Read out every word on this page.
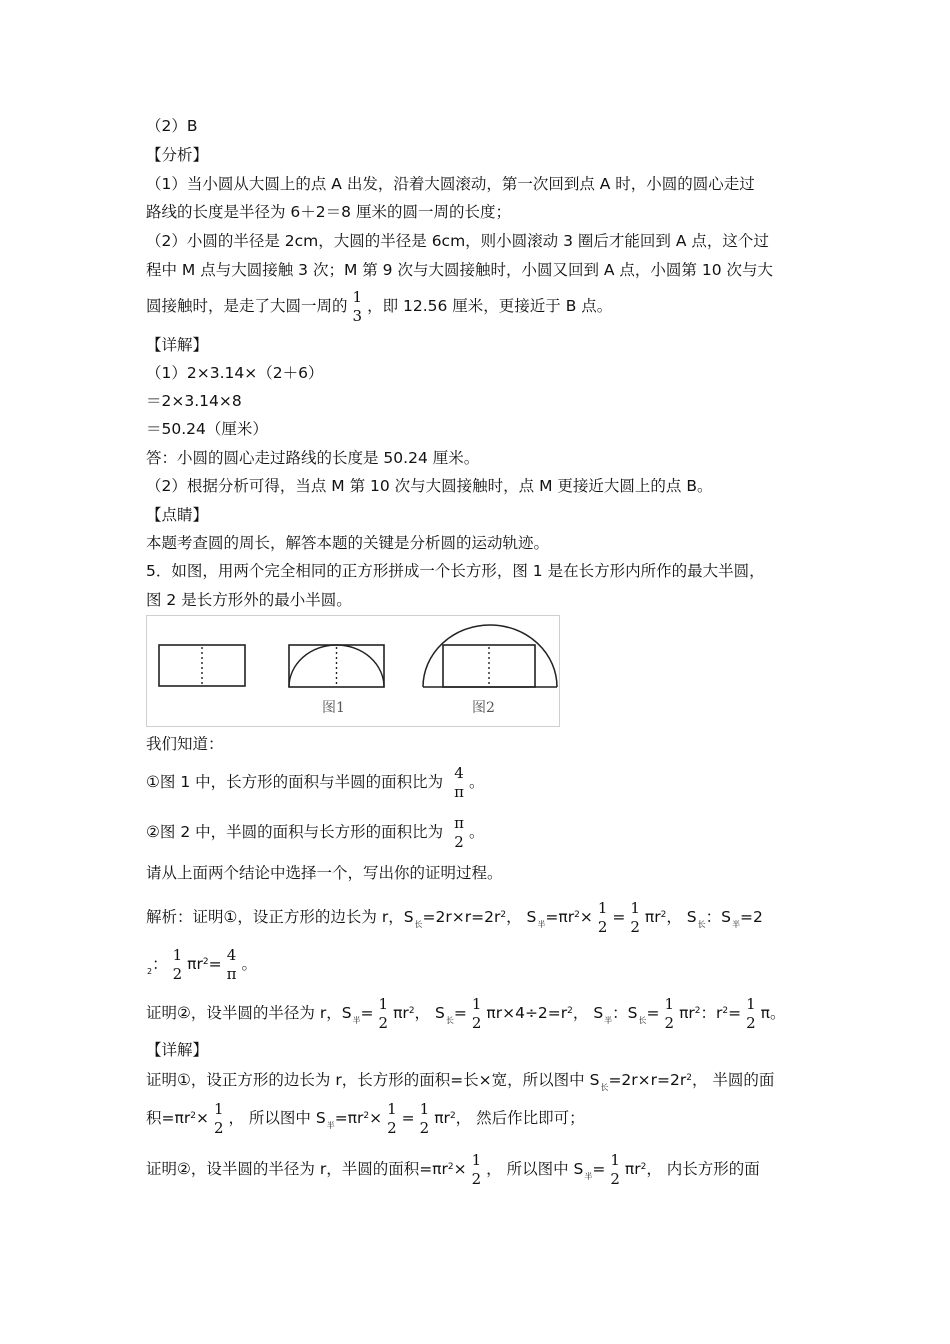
（2）B
【分析】
（1）当小圆从大圆上的点 A 出发，沿着大圆滚动，第一次回到点 A 时，小圆的圆心走过
路线的长度是半径为 6＋2＝8 厘米的圆一周的长度；
（2）小圆的半径是 2cm，大圆的半径是 6cm，则小圆滚动 3 圈后才能回到 A 点，这个过
程中 M 点与大圆接触 3 次；M 第 9 次与大圆接触时，小圆又回到 A 点，小圆第 10 次与大
圆接触时，是走了大圆一周的
1
3
，即 12.56 厘米，更接近于 B 点。
【详解】
（1）2×3.14×（2＋6）
＝2×3.14×8
＝50.24（厘米）
答：小圆的圆心走过路线的长度是 50.24 厘米。
（2）根据分析可得，当点 M 第 10 次与大圆接触时，点 M 更接近大圆上的点 B。
【点睛】
本题考查圆的周长，解答本题的关键是分析圆的运动轨迹。
5．如图，用两个完全相同的正方形拼成一个长方形，图 1 是在长方形内所作的最大半圆，
图 2 是长方形外的最小半圆。
图1	图2
我们知道：
①图 1 中，长方形的面积与半圆的面积比为
4
π
。
②图 2 中，半圆的面积与长方形的面积比为
π
2
。
请从上面两个结论中选择一个，写出你的证明过程。
解析：证明①，设正方形的边长为 r，$S_长=2r\times r=2r^2$， $S_半=\pi r^2\times$
1
2
=
1
2
$\pi r^2$， $S_长$：$S_半=2$
$_2$：
1
2
$\pi r^2=$
4
π
。
证明②，设半圆的半径为 r，$S_半=$
1
2
$\pi r^2$， $S_长=$
1
2
$\pi r\times 4\div 2=r^2$， $S_半$：$S_长=$
1
2
$\pi r^2$：$r^2=$
1
2
π。
【详解】
证明①，设正方形的边长为 r，长方形的面积=长×宽，所以图中 $S_长=2r\times r=2r^2$， 半圆的面
积$=\pi r^2\times$
1
2
， 所以图中 $S_半=\pi r^2\times$
1
2
=
1
2
$\pi r^2$， 然后作比即可；
证明②，设半圆的半径为 r，半圆的面积$=\pi r^2\times$
1
2
， 所以图中 $S_半=$
1
2
$\pi r^2$， 内长方形的面
